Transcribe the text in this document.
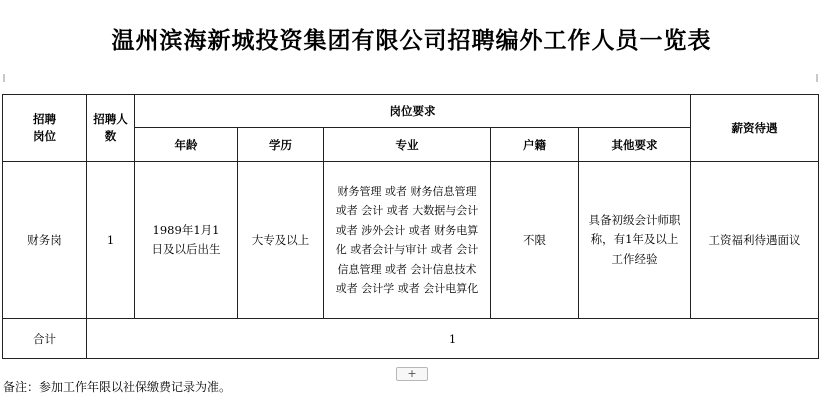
温州滨海新城投资集团有限公司招聘编外工作人员一览表
招聘岗位	招聘人数	岗位要求					薪资待遇
		年龄	学历	专业	户籍	其他要求	
财务岗	1	1989年1月1日及以后出生	大专及以上	财务管理 或者 财务信息管理 或者 会计 或者 大数据与会计 或者 涉外会计 或者 财务电算化 或者会计与审计 或者 会计信息管理 或者 会计信息技术 或者 会计学 或者 会计电算化	不限	具备初级会计师职称，有1年及以上工作经验	工资福利待遇面议
合计	1						
+
备注：参加工作年限以社保缴费记录为准。
